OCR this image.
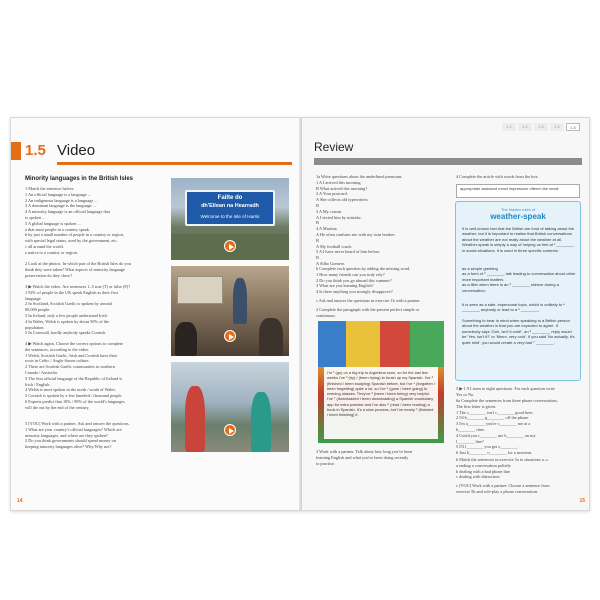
1.5 Video
Minority languages in the British Isles
1 Match the sentence halves.
1 An official language is a language ...
2 An indigenous language is a language ...
3 A dominant language is the language ...
4 A minority language is an official language that
is spoken ...
5 A global language is spoken ...
a that most people in a country speak.
b by just a small number of people in a country or region,
with special legal status, used by the government, etc.
c all around the world.
e native to a country or region.
2 Look at the photos. In which part of the British Isles do you
think they were taken? What aspects of minority language
preservation do they show?
3 ▶ Watch the video. Are sentences 1–5 true (T) or false (F)?
1 92% of people in the UK speak English as their first
language.
2 In Scotland, Scottish Gaelic is spoken by around
80,000 people.
3 In Ireland, only a few people understand Irish.
4 In Wales, Welsh is spoken by about 50% of the
population.
5 In Cornwall, hardly anybody speaks Cornish.
4 ▶ Watch again. Choose the correct options to complete
the sentences, according to the video.
1 Welsh, Scottish Gaelic, Irish and Cornish have their
roots in Celtic / Anglo-Saxon culture.
2 There are Scottish Gaelic communities in northern
Canada / Australia.
3 The first official language of the Republic of Ireland is
Irish / English.
4 Welsh is most spoken in the north / south of Wales.
5 Cornish is spoken by a few hundred / thousand people.
6 Experts predict that 18% / 90% of the world's languages
will die out by the end of the century.
5 [YOU] Work with a partner. Ask and answer the questions.
1 What are your country's official languages? Which are
minority languages, and where are they spoken?
2 Do you think governments should spend money on
keeping minority languages alive? Why/Why not?
Failte do
dh'Eilean na Hearradh
Welcome to the Isle of Harris
14
1.1	1.2	1.3	1.4	1.5
Review
1a Write questions about the underlined pronouns.
1 A I arrived this morning.
B What arrived this morning?
2 A Your postcard.
A She collects old typewriters.
B
3 A My cousin.
A I texted him by mistake.
B
4 A Martina.
A He often confuses me with my twin brother.
B
A My football coach.
5 A I have never heard of him before.
B
A Silbo Gomero.
b Complete each question by adding the missing word.
1 How many friends can you truly rely?
2 Do you think you go abroad this summer?
3 What are you learning English?
4 Is there anything you strongly disapprove?
c Ask and answer the questions in exercise 1b with a partner.
2 Complete the paragraph with the present perfect simple or
continuous.
I'm ¹ (go) on a big trip to Argentina soon, so for the last few weeks I've ² (try) / (been trying) to brush up my Spanish. I've ³ (finished / been studying) Spanish before, but I've ⁴ (forgotten / been forgetting) quite a lot, so I've ⁵ (gone / been going) to evening classes. They've ⁶ (been / been being) very helpful. I've ⁷ (downloaded / been downloading) a Spanish vocabulary app for extra practice and I've also ⁸ (read / been reading) a book in Spanish. It's a slow process, but I've nearly ⁹ (finished / been finishing) it.
3 Work with a partner. Talk about how long you've been
learning English and what you've been doing recently
to practise.
4 Complete the article with words from the box.
appropriate awkward exact impression offend rise small
The hidden rules of
weather-speak
It is well-known fact that the British are fond of talking about the weather, but it is important to realise that British conversations about the weather are not really about the weather at all. Weather-speak is simply a way of helping us feel at ¹ ________ in social situations. It is used in three specific contexts:
as a simple greeting
as a form of ² ________ talk leading to conversation about other more important matters
as a filler when there is an ³ ________ silence during a conversation.
It is seen as a safe, impersonal topic, which is unlikely to ⁴ ________ anybody or lead to a ⁵ ________.
Something to bear in mind when speaking to a British person about the weather is that you are expected to agree. If somebody says 'Ooh, isn't it cold!', an ⁶ ________ reply would be 'Yes, isn't it?' or 'Mmm, very cold'. If you said 'No actually, it's quite mild', you would create a very bad ⁷ ________.
5 ▶ 1.9 Listen to eight questions. For each question write
Yes or No.
6a Complete the sentences from three phone conversations.
The first letter is given.
1 The c________ isn't c________ good here.
2 I'd b________ g________ off the phone.
3 I'm a________ you're c________ me at a
b________ time.
4 Could you r________ me b________ on my
l________ line?
5 I'll l________ you get o________.
6 Just h________ o________ for a moment.
b Match the sentences in exercise 5a to situations a–c.
a ending a conversation politely
b dealing with a bad phone line
c dealing with distraction
c [YOU] Work with a partner. Choose a sentence from
exercise 5b and role-play a phone conversation.
15
